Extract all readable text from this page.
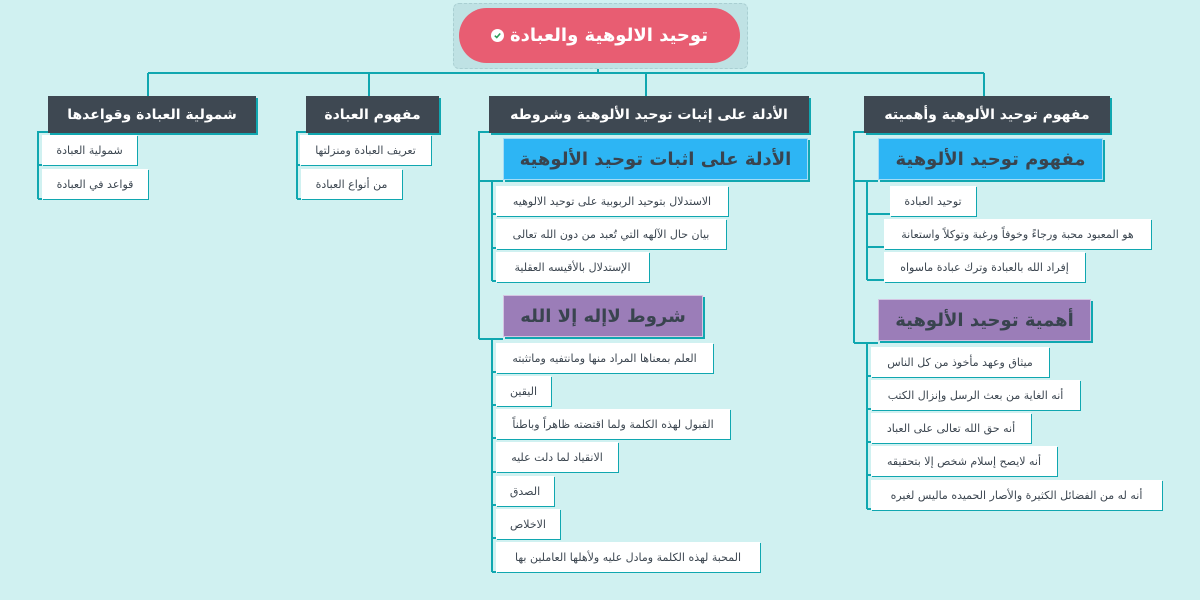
توحيد الالوهية والعبادة
مفهوم توحيد الألوهية وأهميته
الأدلة على إثبات توحيد الألوهية وشروطه
مفهوم العبادة
شمولية العبادة وقواعدها
مفهوم توحيد الألوهية
توحيد العبادة
هو المعبود محبة ورجاءً وخوفاً ورغبة وتوكلاً واستعانة
إفراد الله بالعبادة وترك عبادة ماسواه
أهمية توحيد الألوهية
ميثاق وعهد مأخوذ من كل الناس
أنه الغاية من بعث الرسل وإنزال الكتب
أنه حق الله تعالى على العباد
أنه لايصح إسلام شخص إلا بتحقيقه
أنه له من الفضائل الكثيرة والأصار الحميده ماليس لغيره
الأدلة على اثبات توحيد الألوهية
الاستدلال بتوحيد الربوبية على توحيد الالوهيه
بيان حال الآلهه التي تُعبد من دون الله تعالى
الإستدلال بالأقيسه العقلية
شروط لاإله إلا الله
العلم بمعناها المراد منها ومانتفيه وماتثبته
اليقين
القبول لهذه الكلمة ولما اقتضته ظاهراً وباطناً
الانقياد لما دلت عليه
الصدق
الاخلاص
المحبة لهذه الكلمة ومادل عليه ولأهلها العاملين بها
تعريف العبادة ومنزلتها
من أنواع العبادة
شمولية العبادة
قواعد في العبادة
